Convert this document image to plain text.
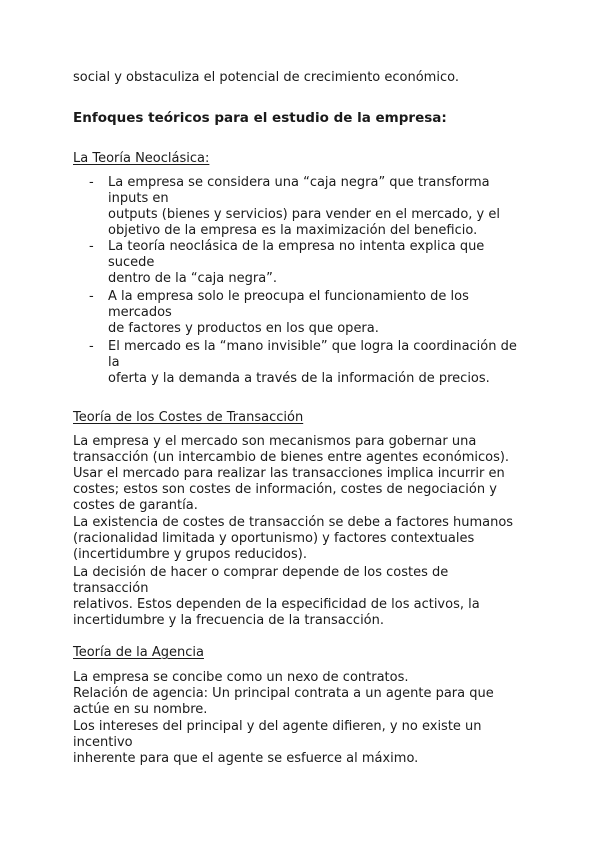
social y obstaculiza el potencial de crecimiento económico.
Enfoques teóricos para el estudio de la empresa:
La Teoría Neoclásica:
- La empresa se considera una “caja negra” que transforma
inputs en
outputs (bienes y servicios) para vender en el mercado, y el
objetivo de la empresa es la maximización del beneficio.
- La teoría neoclásica de la empresa no intenta explica que
sucede
dentro de la “caja negra”.
- A la empresa solo le preocupa el funcionamiento de los
mercados
de factores y productos en los que opera.
- El mercado es la “mano invisible” que logra la coordinación de
la
oferta y la demanda a través de la información de precios.
Teoría de los Costes de Transacción
La empresa y el mercado son mecanismos para gobernar una
transacción (un intercambio de bienes entre agentes económicos).
Usar el mercado para realizar las transacciones implica incurrir en
costes; estos son costes de información, costes de negociación y
costes de garantía.
La existencia de costes de transacción se debe a factores humanos
(racionalidad limitada y oportunismo) y factores contextuales
(incertidumbre y grupos reducidos).
La decisión de hacer o comprar depende de los costes de
transacción
relativos. Estos dependen de la especificidad de los activos, la
incertidumbre y la frecuencia de la transacción.
Teoría de la Agencia
La empresa se concibe como un nexo de contratos.
Relación de agencia: Un principal contrata a un agente para que
actúe en su nombre.
Los intereses del principal y del agente difieren, y no existe un
incentivo
inherente para que el agente se esfuerce al máximo.
